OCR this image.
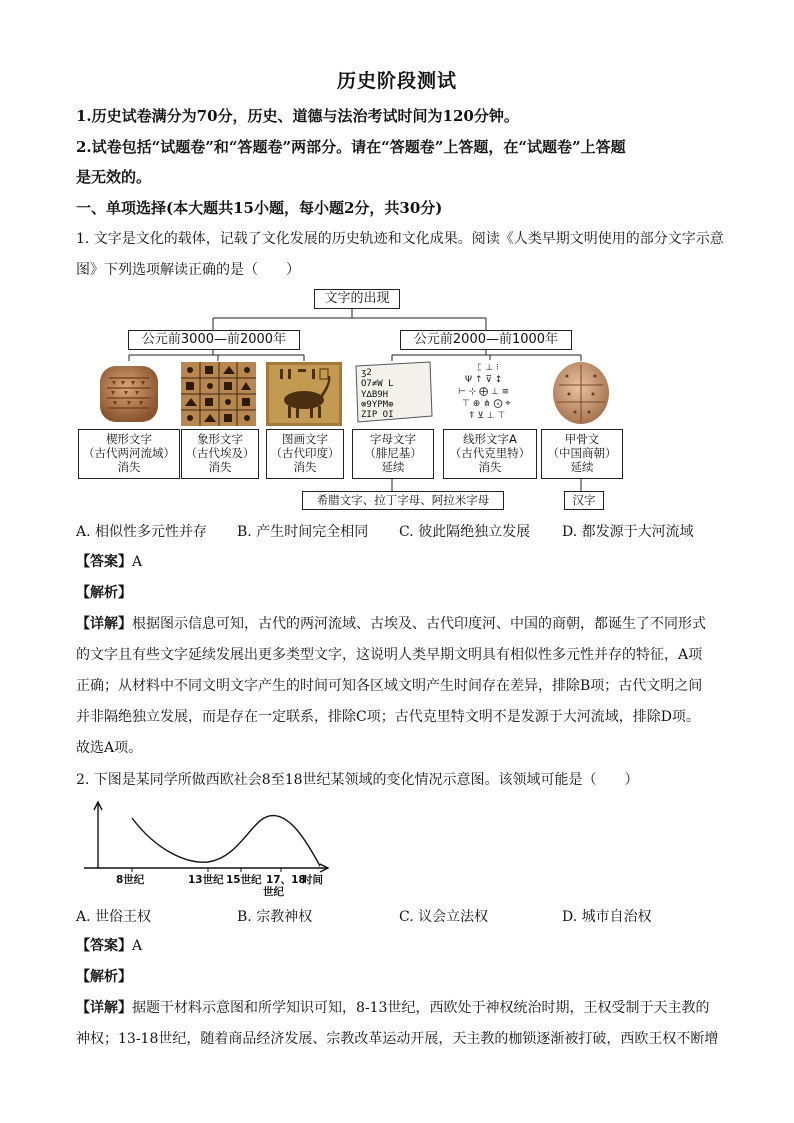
历史阶段测试
1.历史试卷满分为70分，历史、道德与法治考试时间为120分钟。
2.试卷包括“试题卷”和“答题卷”两部分。请在“答题卷”上答题，在“试题卷”上答题
是无效的。
一、单项选择(本大题共15小题，每小题2分，共30分)
1. 文字是文化的载体，记载了文化发展的历史轨迹和文化成果。阅读《人类早期文明使用的部分文字示意
图》下列选项解读正确的是（　　）
文字的出现
公元前3000—前2000年	公元前2000—前1000年
ʒ2
O7≠W L
Y∆B9H
⊗9YPM⊕
ZIP OI
ᛈ ⊥ ⁝
Ψ ↑ ⊽ ↕
⊢ ⊹ ⨁ ⊥ ≡
⊤ ⊕ ⋔ ⨀ ⌖
⍒ ⊻ ⊥ ⊤
楔形文字
（古代两河流域）
消失
象形文字
（古代埃及）
消失
图画文字
（古代印度）
消失
字母文字
（腓尼基）
延续
线形文字A
（古代克里特）
消失
甲骨文
（中国商朝）
延续
希腊文字、拉丁字母、阿拉米字母	汉字
A. 相似性多元性并存 B. 产生时间完全相同 C. 彼此隔绝独立发展 D. 都发源于大河流域
【答案】A
【解析】
【详解】根据图示信息可知，古代的两河流域、古埃及、古代印度河、中国的商朝，都诞生了不同形式
的文字且有些文字延续发展出更多类型文字，这说明人类早期文明具有相似性多元性并存的特征，A项
正确；从材料中不同文明文字产生的时间可知各区域文明产生时间存在差异，排除B项；古代文明之间
并非隔绝独立发展，而是存在一定联系，排除C项；古代克里特文明不是发源于大河流域，排除D项。
故选A项。
2. 下图是某同学所做西欧社会8至18世纪某领域的变化情况示意图。该领域可能是（　　）
8世纪	13世纪 15世纪 17、18
时间
世纪
A. 世俗王权	B. 宗教神权	C. 议会立法权	D. 城市自治权
【答案】A
【解析】
【详解】据题干材料示意图和所学知识可知，8-13世纪，西欧处于神权统治时期，王权受制于天主教的
神权；13-18世纪，随着商品经济发展、宗教改革运动开展，天主教的枷锁逐渐被打破，西欧王权不断增
